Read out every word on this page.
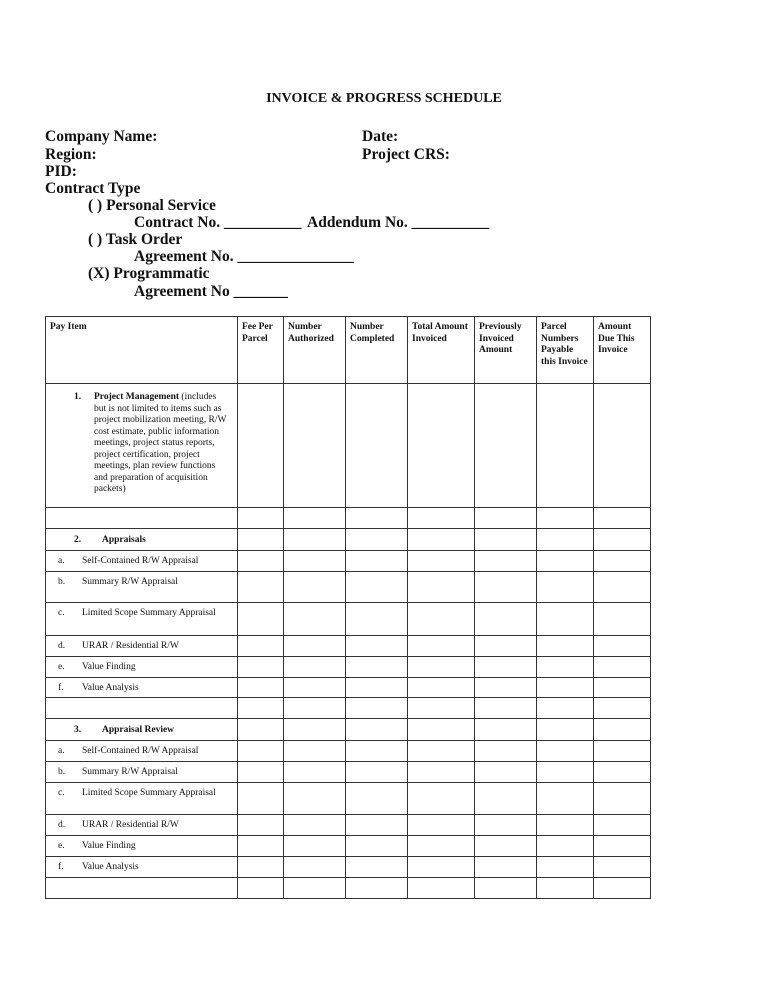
INVOICE & PROGRESS SCHEDULE
Company Name:
Region:
PID:
Contract Type
Date:
Project CRS:
( ) Personal Service
Contract No. __________ Addendum No. __________
( ) Task Order
Agreement No. _______________
(X) Programmatic
Agreement No _______
Pay Item	Fee Per Parcel	Number Authorized	Number Completed	Total Amount Invoiced	Previously Invoiced Amount	Parcel Numbers Payable this Invoice	Amount Due This Invoice

1. Project Management (includes but is not limited to items such as project mobilization meeting, R/W cost estimate, public information meetings, project status reports, project certification, project meetings, plan review functions and preparation of acquisition packets)							

2. Appraisals							

a. Self-Contained R/W Appraisal							

b. Summary R/W Appraisal							

c. Limited Scope Summary Appraisal							

d. URAR / Residential R/W							

e. Value Finding							

f. Value Analysis							

3. Appraisal Review							

a. Self-Contained R/W Appraisal							

b. Summary R/W Appraisal							

c. Limited Scope Summary Appraisal							

d. URAR / Residential R/W							

e. Value Finding							

f. Value Analysis							
